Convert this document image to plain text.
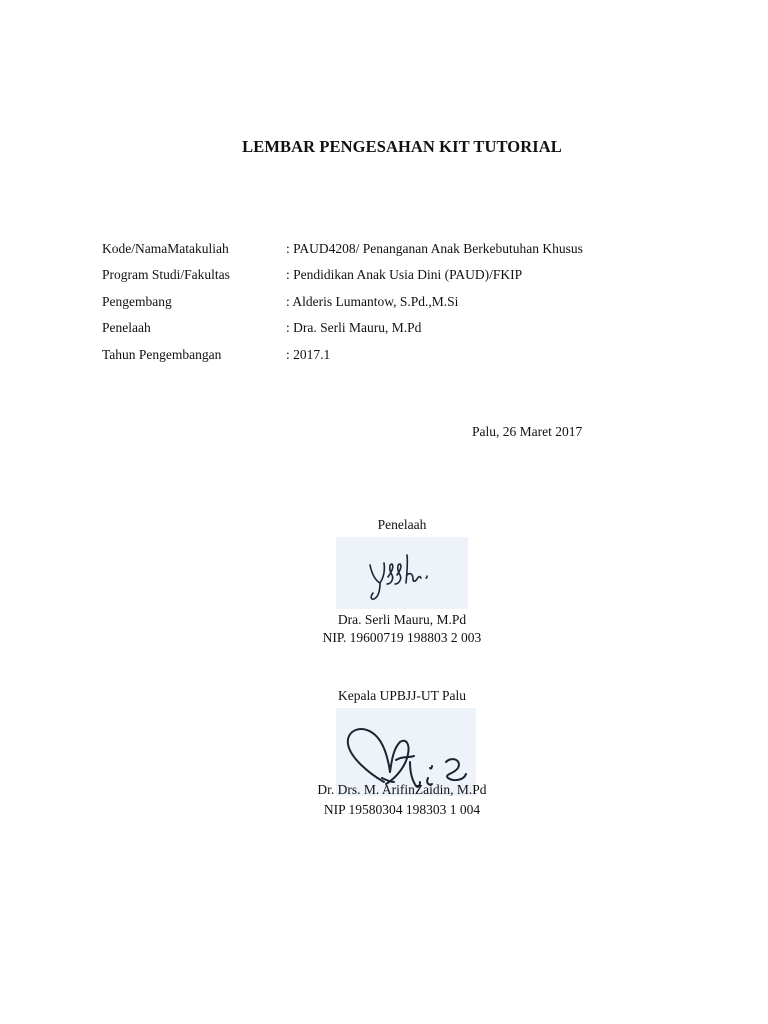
LEMBAR PENGESAHAN KIT TUTORIAL
Kode/NamaMatakuliah	: PAUD4208/ Penanganan Anak Berkebutuhan Khusus
Program Studi/Fakultas	: Pendidikan Anak Usia Dini (PAUD)/FKIP
Pengembang	: Alderis Lumantow, S.Pd.,M.Si
Penelaah	: Dra. Serli Mauru, M.Pd
Tahun Pengembangan	: 2017.1
Palu, 26 Maret 2017
Penelaah
Dra. Serli Mauru, M.Pd
NIP. 19600719 198803 2 003
Kepala UPBJJ-UT Palu
Dr. Drs. M. ArifinZaidin, M.Pd
NIP 19580304 198303 1 004
